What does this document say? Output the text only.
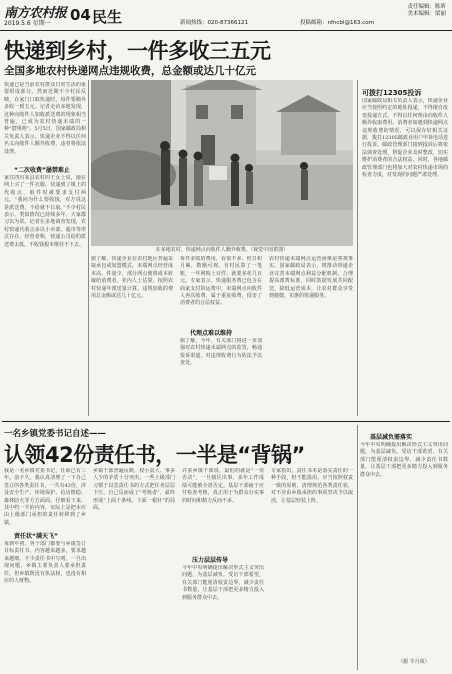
南方农村报
2019.5.6 星期一 04 民生	新闻热线：020-87366121	投稿邮箱：nfncbl@163.com
责任编辑：陈昕
美术编辑：梁丽
快递到乡村，一件多收三五元
全国多地农村快递网点违规收费，总金额或达几十亿元
快递已是当前农村群众日常生活的重要组成部分。然而近期不少村民反映，在家门口取快递时，每件要额外多收一到五元。记者走访多地发现，这种向收件人加收派送费的现象相当普遍，已成为农村快递末端的一种“潜规则”。5月5日，国家邮政局相关负责人表示，快递企业不得以任何名义向收件人额外收费，违者将依法处理。
“二次收费”屡禁难止
家住四川某县农村的王女士说，她在网上买了一件衣服，快递到了镇上的代收点，取件时被要求支付两元。“我问为什么要收钱，对方说这是派送费，不给就不让取。”不少村民表示，类似情况已持续多年，大家都习以为常。记者在多地调查发现，农村快递代收点多以小卖部、超市等形式存在，经营者称，快递公司给的派送费太低，不收钱根本维持不下去。
在多地农村，快递网点向收件人额外收费。（视觉中国供图）
据了解，快递企业在农村地区普遍采取承包或加盟模式，末端网点经营成本高、件量少，部分网点便将成本转嫁给消费者。业内人士估算，按照农村快递年派送量计算，违规加收的费用总金额或达几十亿元。
每件多收的费用，看似不多，但日积月累，数额可观。有村民算了一笔账，一年网购上百件，就要多花几百元。专家表示，快递服务费已包含在商家支付的运费中，末端网点向收件人再次收费，属于重复收费，侵害了消费者的合法权益。
代理点难以维持
据了解，今年，有关部门将进一步加强对农村快递末端网点的监管，畅通投诉渠道，对违规收费行为依法予以查处。
农村快递末端网点运营困难是客观事实。国家邮政局表示，将推动快递企业完善末端网点利益分配机制，合理提高派费标准，同时鼓励发展共同配送，降低运营成本，让农村群众享受到便捷、实惠的快递服务。
可拨打12305投诉
国家邮政局相关负责人表示，快递企业应当按照约定的地址投递，不得擅自改变投递方式，不得以任何理由向收件人额外收取费用。消费者如遇到快递网点违规收费的情况，可以保存好相关证据，拨打12305邮政业用户申诉电话进行投诉。邮政管理部门接到投诉后将依法调查处理，督促企业及时整改，切实维护消费者的合法权益。同时，各地邮政管理部门也将加大对农村快递市场的检查力度，对发现的问题严肃处理。
一名乡镇党委书记自述——
认领42份责任书，一半是“背锅”
我是一名乡镇党委书记，任职已有三年。前不久，我认真清理了一下自己签订的各类责任书，一共有42份，涉及安全生产、环境保护、信访维稳、森林防火等方方面面。仔细看下来，其中约一半的内容，实际上是把本应由上级部门承担的责任转移到了乡镇。
责任状“满天飞”
每到年初，各个部门都要与乡镇签订目标责任书，内容越来越多，要求越来越细。不少责任书中写明，一旦出现问题，乡镇主要负责人要承担责任，但乡镇既没有执法权，也没有相应的人财物。
乡镇干部普遍反映，权小责大、事多人少的矛盾十分突出。一些上级部门习惯于以签责任书的方式把任务层层下压，自己反而成了“考核者”，最终形成“上面千条线，下面一根针”的局面。
许多乡镇干部说，最怕的就是“一票否决”，一旦辖区出事，多年工作成绩可能被全盘否定。基层干部疲于应付检查考核，真正用于为群众办实事的时间和精力反而不多。
压力层层传导
今年中央明确提出解决形式主义突出问题，为基层减负。受访干部希望，有关部门能厘清权责边界，减少责任书数量，让基层干部把更多精力投入到服务群众中去。
专家指出，责任书本是落实责任的一种手段，但不能滥用。应当按照权责一致的原则，清理规范各类责任状，对不应由乡镇承担的事项坚决予以取消，让基层轻装上阵。
基层减负需落实
今年中央明确提出解决形式主义突出问题，为基层减负。受访干部希望，有关部门能厘清权责边界，减少责任书数量，让基层干部把更多精力投入到服务群众中去。
（据 半月谈）
